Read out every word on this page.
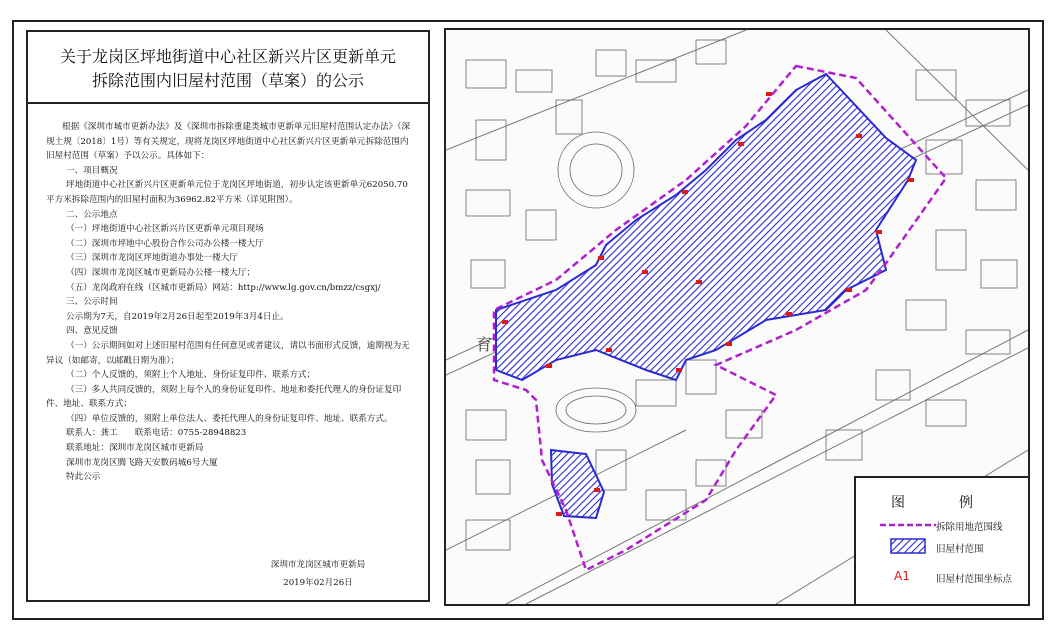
关于龙岗区坪地街道中心社区新兴片区更新单元
拆除范围内旧屋村范围（草案）的公示

根据《深圳市城市更新办法》及《深圳市拆除重建类城市更新单元旧屋村范围认定办法》（深规土规〔2018〕1号）等有关规定，现将龙岗区坪地街道中心社区新兴片区更新单元拆除范围内旧屋村范围（草案）予以公示。具体如下：

一、项目概况

坪地街道中心社区新兴片区更新单元位于龙岗区坪地街道，初步认定该更新单元62050.70平方米拆除范围内的旧屋村面积为36962.82平方米（详见附图）。

二、公示地点

（一）坪地街道中心社区新兴片区更新单元项目现场

（二）深圳市坪地中心股份合作公司办公楼一楼大厅

（三）深圳市龙岗区坪地街道办事处一楼大厅

（四）深圳市龙岗区城市更新局办公楼一楼大厅；

（五）龙岗政府在线（区城市更新局）网站：http://www.lg.gov.cn/bmzz/csgxj/

三、公示时间

公示期为7天，自2019年2月26日起至2019年3月4日止。

四、意见反馈

（一）公示期间如对上述旧屋村范围有任何意见或者建议，请以书面形式反馈，逾期视为无异议（如邮寄，以邮戳日期为准）；

（二）个人反馈的，须附上个人地址、身份证复印件、联系方式；

（三）多人共同反馈的，须附上每个人的身份证复印件、地址和委托代理人的身份证复印件、地址、联系方式；

（四）单位反馈的，须附上单位法人、委托代理人的身份证复印件、地址、联系方式。

联系人：龚工　　联系电话：0755-28948823

联系地址：深圳市龙岗区城市更新局

深圳市龙岗区腾飞路天安数码城6号大厦

特此公示

深圳市龙岗区城市更新局
2019年02月26日
育
图　例
拆除用地范围线
旧屋村范围
A1	旧屋村范围坐标点
